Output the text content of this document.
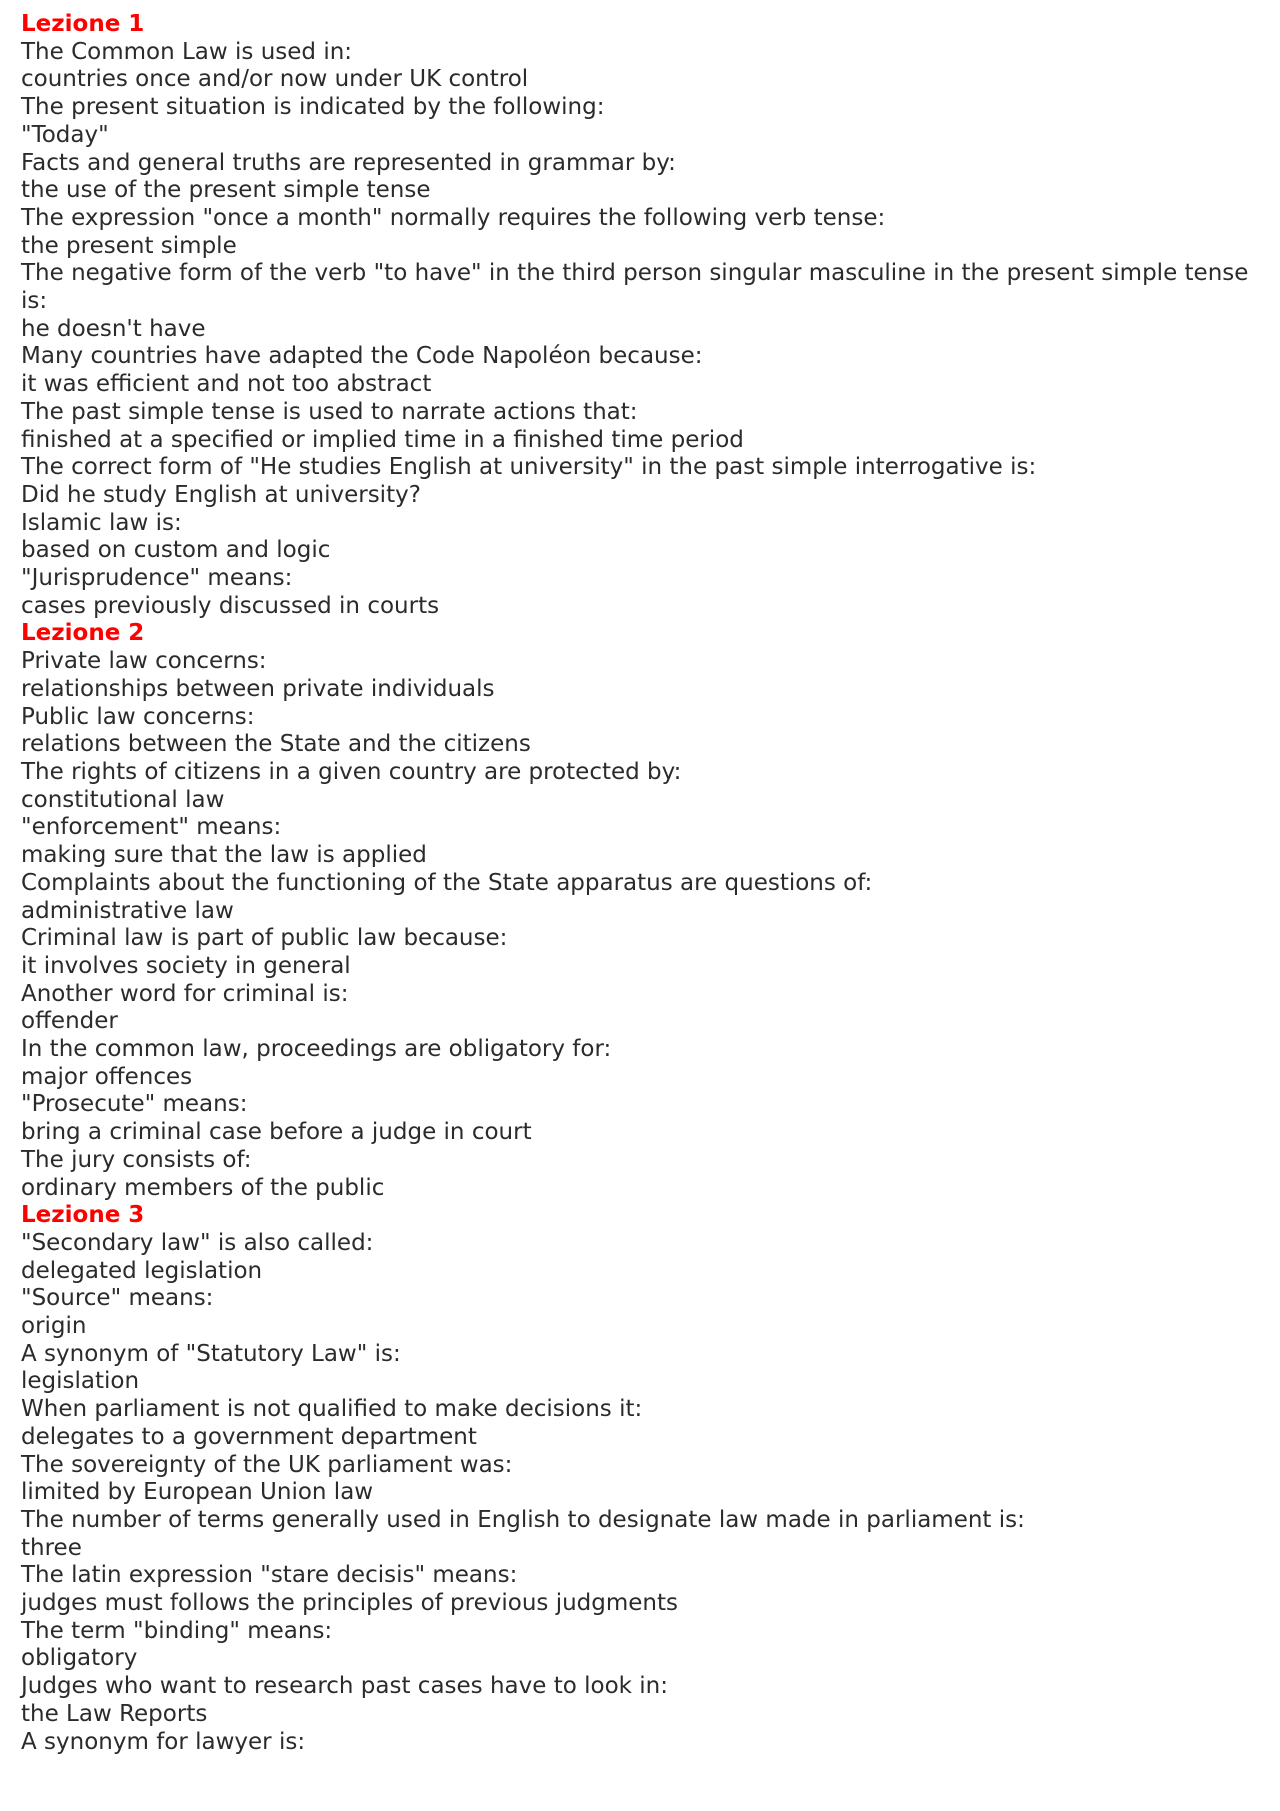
Lezione 1
The Common Law is used in:
countries once and/or now under UK control
The present situation is indicated by the following:
"Today"
Facts and general truths are represented in grammar by:
the use of the present simple tense
The expression "once a month" normally requires the following verb tense:
the present simple
The negative form of the verb "to have" in the third person singular masculine in the present simple tense is:
he doesn't have
Many countries have adapted the Code Napoléon because:
it was efficient and not too abstract
The past simple tense is used to narrate actions that:
finished at a specified or implied time in a finished time period
The correct form of "He studies English at university" in the past simple interrogative is:
Did he study English at university?
Islamic law is:
based on custom and logic
"Jurisprudence" means:
cases previously discussed in courts
Lezione 2
Private law concerns:
relationships between private individuals
Public law concerns:
relations between the State and the citizens
The rights of citizens in a given country are protected by:
constitutional law
"enforcement" means:
making sure that the law is applied
Complaints about the functioning of the State apparatus are questions of:
administrative law
Criminal law is part of public law because:
it involves society in general
Another word for criminal is:
offender
In the common law, proceedings are obligatory for:
major offences
"Prosecute" means:
bring a criminal case before a judge in court
The jury consists of:
ordinary members of the public
Lezione 3
"Secondary law" is also called:
delegated legislation
"Source" means:
origin
A synonym of "Statutory Law" is:
legislation
When parliament is not qualified to make decisions it:
delegates to a government department
The sovereignty of the UK parliament was:
limited by European Union law
The number of terms generally used in English to designate law made in parliament is:
three
The latin expression "stare decisis" means:
judges must follows the principles of previous judgments
The term "binding" means:
obligatory
Judges who want to research past cases have to look in:
the Law Reports
A synonym for lawyer is:
